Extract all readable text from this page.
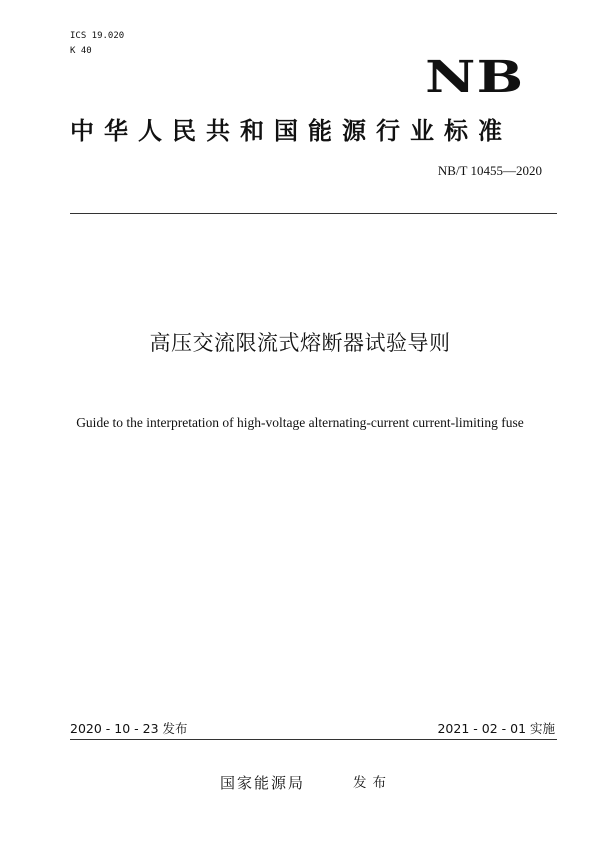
ICS 19.020
K 40
NB
中华人民共和国能源行业标准
NB/T 10455—2020
高压交流限流式熔断器试验导则
Guide to the interpretation of high-voltage alternating-current current-limiting fuse
2020 - 10 - 23 发布	2021 - 02 - 01 实施
国家能源局	发布
